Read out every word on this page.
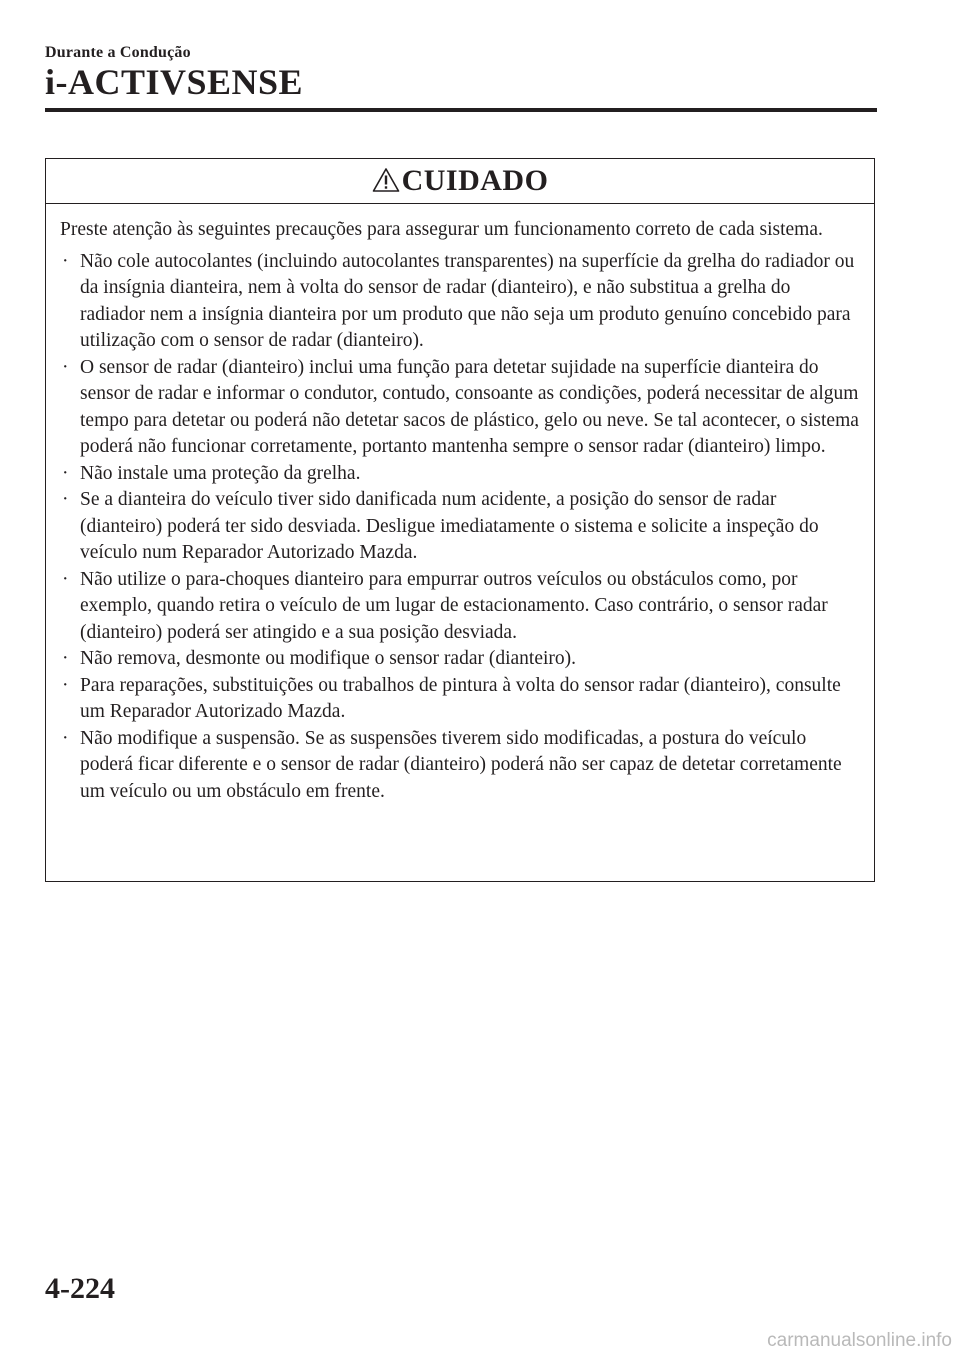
Durante a Condução
i-ACTIVSENSE
CUIDADO

Preste atenção às seguintes precauções para assegurar um funcionamento correto de cada sistema.

· Não cole autocolantes (incluindo autocolantes transparentes) na superfície da grelha do radiador ou da insígnia dianteira, nem à volta do sensor de radar (dianteiro), e não substitua a grelha do radiador nem a insígnia dianteira por um produto que não seja um produto genuíno concebido para utilização com o sensor de radar (dianteiro).
· O sensor de radar (dianteiro) inclui uma função para detetar sujidade na superfície dianteira do sensor de radar e informar o condutor, contudo, consoante as condições, poderá necessitar de algum tempo para detetar ou poderá não detetar sacos de plástico, gelo ou neve. Se tal acontecer, o sistema poderá não funcionar corretamente, portanto mantenha sempre o sensor radar (dianteiro) limpo.
· Não instale uma proteção da grelha.
· Se a dianteira do veículo tiver sido danificada num acidente, a posição do sensor de radar (dianteiro) poderá ter sido desviada. Desligue imediatamente o sistema e solicite a inspeção do veículo num Reparador Autorizado Mazda.
· Não utilize o para-choques dianteiro para empurrar outros veículos ou obstáculos como, por exemplo, quando retira o veículo de um lugar de estacionamento. Caso contrário, o sensor radar (dianteiro) poderá ser atingido e a sua posição desviada.
· Não remova, desmonte ou modifique o sensor radar (dianteiro).
· Para reparações, substituições ou trabalhos de pintura à volta do sensor radar (dianteiro), consulte um Reparador Autorizado Mazda.
· Não modifique a suspensão. Se as suspensões tiverem sido modificadas, a postura do veículo poderá ficar diferente e o sensor de radar (dianteiro) poderá não ser capaz de detetar corretamente um veículo ou um obstáculo em frente.
4-224
carmanualsonline.info
